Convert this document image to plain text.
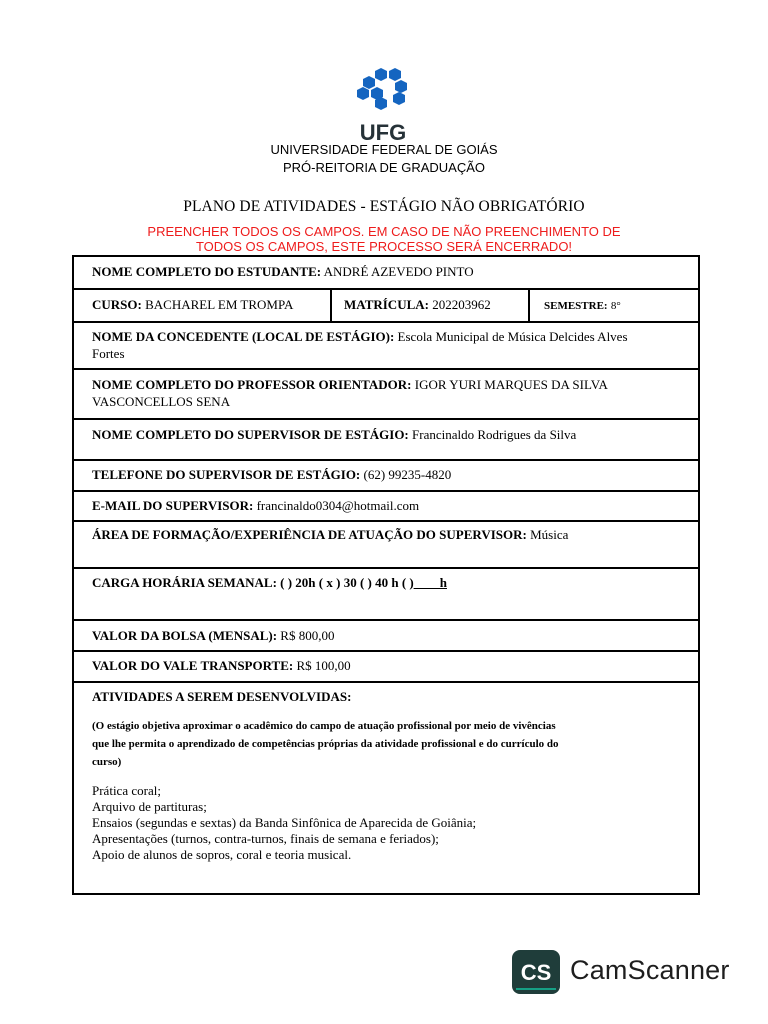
UFG
UNIVERSIDADE FEDERAL DE GOIÁS
PRÓ-REITORIA DE GRADUAÇÃO
PLANO DE ATIVIDADES - ESTÁGIO NÃO OBRIGATÓRIO
PREENCHER TODOS OS CAMPOS. EM CASO DE NÃO PREENCHIMENTO DE
TODOS OS CAMPOS, ESTE PROCESSO SERÁ ENCERRADO!
NOME COMPLETO DO ESTUDANTE: ANDRÉ AZEVEDO PINTO
CURSO: BACHAREL EM TROMPA	MATRÍCULA: 202203962	SEMESTRE: 8°
NOME DA CONCEDENTE (LOCAL DE ESTÁGIO): Escola Municipal de Música Delcides Alves
Fortes
NOME COMPLETO DO PROFESSOR ORIENTADOR: IGOR YURI MARQUES DA SILVA
VASCONCELLOS SENA
NOME COMPLETO DO SUPERVISOR DE ESTÁGIO: Francinaldo Rodrigues da Silva
TELEFONE DO SUPERVISOR DE ESTÁGIO: (62) 99235-4820
E-MAIL DO SUPERVISOR: francinaldo0304@hotmail.com
ÁREA DE FORMAÇÃO/EXPERIÊNCIA DE ATUAÇÃO DO SUPERVISOR: Música
CARGA HORÁRIA SEMANAL: ( ) 20h ( x ) 30 ( ) 40 h ( )____h
VALOR DA BOLSA (MENSAL): R$ 800,00
VALOR DO VALE TRANSPORTE: R$ 100,00
ATIVIDADES A SEREM DESENVOLVIDAS:
(O estágio objetiva aproximar o acadêmico do campo de atuação profissional por meio de vivências
que lhe permita o aprendizado de competências próprias da atividade profissional e do currículo do
curso)
Prática coral;
Arquivo de partituras;
Ensaios (segundas e sextas) da Banda Sinfônica de Aparecida de Goiânia;
Apresentações (turnos, contra-turnos, finais de semana e feriados);
Apoio de alunos de sopros, coral e teoria musical.
CS CamScanner
